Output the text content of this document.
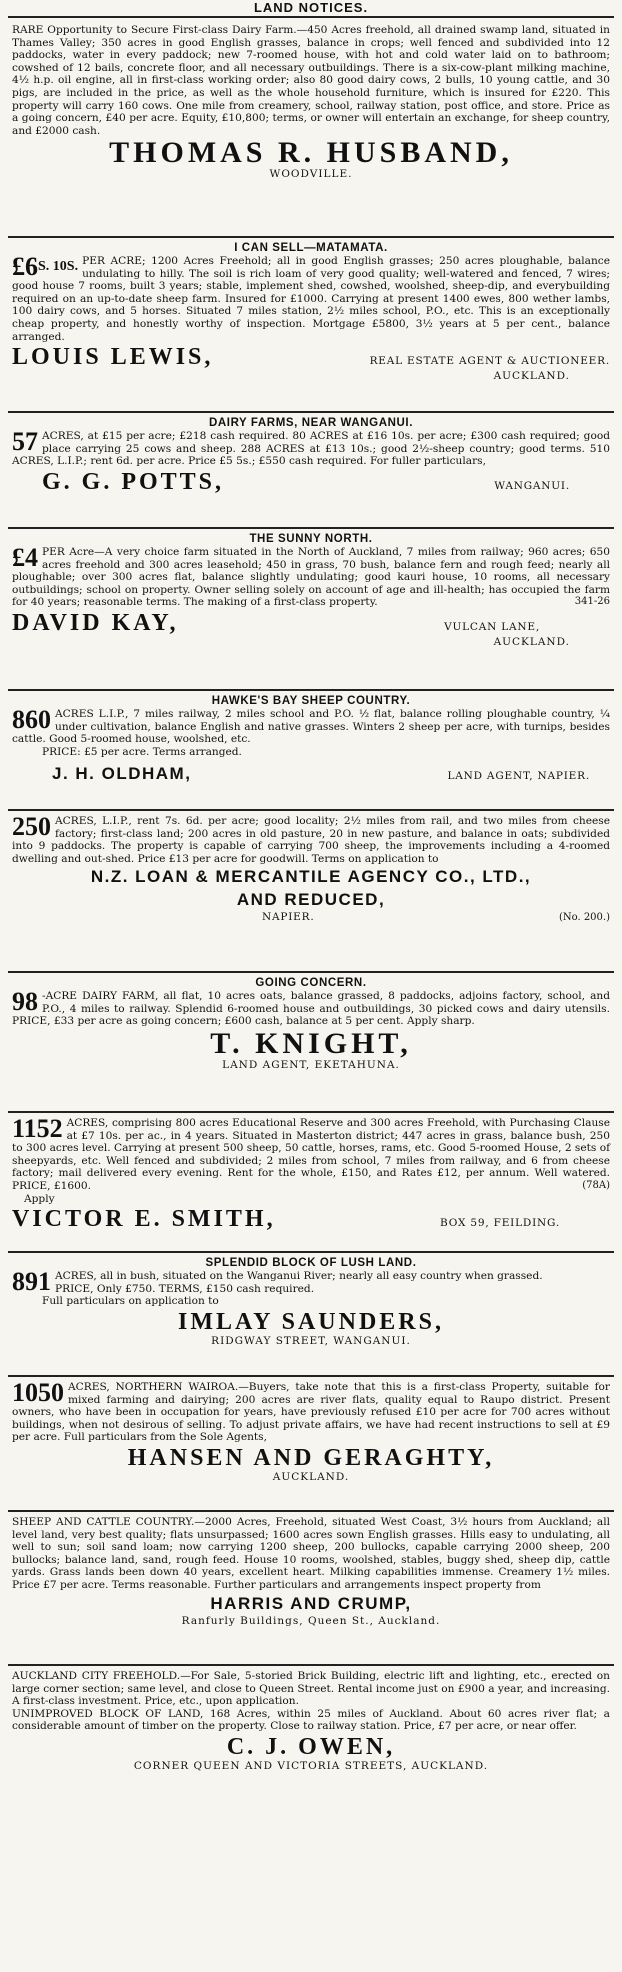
LAND NOTICES.

RARE Opportunity to Secure First-class Dairy Farm.—450 Acres freehold, all drained swamp land, situated in Thames Valley; 350 acres in good English grasses, balance in crops; well fenced and subdivided into 12 paddocks, water in every paddock; new 7-roomed house, with hot and cold water laid on to bathroom; cowshed of 12 bails, concrete floor, and all necessary outbuildings. There is a six-cow-plant milking machine, 4½ h.p. oil engine, all in first-class working order; also 80 good dairy cows, 2 bulls, 10 young cattle, and 30 pigs, are included in the price, as well as the whole household furniture, which is insured for £220. This property will carry 160 cows. One mile from creamery, school, railway station, post office, and store. Price as a going concern, £40 per acre. Equity, £10,800; terms, or owner will entertain an exchange, for sheep country, and £2000 cash.

THOMAS R. HUSBAND,
WOODVILLE.
I CAN SELL—MATAMATA.

$£6^{S. 10S.}$ PER ACRE; 1200 Acres Freehold; all in good English grasses; 250 acres ploughable, balance undulating to hilly. The soil is rich loam of very good quality; well-watered and fenced, 7 wires; good house 7 rooms, built 3 years; stable, implement shed, cowshed, woolshed, sheep-dip, and everybuilding required on an up-to-date sheep farm. Insured for £1000. Carrying at present 1400 ewes, 800 wether lambs, 100 dairy cows, and 5 horses. Situated 7 miles station, 2½ miles school, P.O., etc. This is an exceptionally cheap property, and honestly worthy of inspection. Mortgage £5800, 3½ years at 5 per cent., balance arranged.

LOUIS LEWIS,	REAL ESTATE AGENT & AUCTIONEER.
AUCKLAND.
DAIRY FARMS, NEAR WANGANUI.

57 ACRES, at £15 per acre; £218 cash required. 80 ACRES at £16 10s. per acre; £300 cash required; good place carrying 25 cows and sheep. 288 ACRES at £13 10s.; good 2½-sheep country; good terms. 510 ACRES, L.I.P.; rent 6d. per acre. Price £5 5s.; £550 cash required. For fuller particulars,

G. G. POTTS,	WANGANUI.
THE SUNNY NORTH.

£4 PER Acre—A very choice farm situated in the North of Auckland, 7 miles from railway; 960 acres; 650 acres freehold and 300 acres leasehold; 450 in grass, 70 bush, balance fern and rough feed; nearly all ploughable; over 300 acres flat, balance slightly undulating; good kauri house, 10 rooms, all necessary outbuildings; school on property. Owner selling solely on account of age and ill-health; has occupied the farm for 40 years; reasonable terms. The making of a first-class property.	341-26

DAVID KAY,	VULCAN LANE,
AUCKLAND.
HAWKE'S BAY SHEEP COUNTRY.

860 ACRES L.I.P., 7 miles railway, 2 miles school and P.O. ½ flat, balance rolling ploughable country, ¼ under cultivation, balance English and native grasses. Winters 2 sheep per acre, with turnips, besides cattle. Good 5-roomed house, woolshed, etc.

PRICE: £5 per acre. Terms arranged.

J. H. OLDHAM,	LAND AGENT, NAPIER.

250 ACRES, L.I.P., rent 7s. 6d. per acre; good locality; 2½ miles from rail, and two miles from cheese factory; first-class land; 200 acres in old pasture, 20 in new pasture, and balance in oats; subdivided into 9 paddocks. The property is capable of carrying 700 sheep, the improvements including a 4-roomed dwelling and out-shed. Price £13 per acre for goodwill. Terms on application to

N.Z. LOAN & MERCANTILE AGENCY CO., LTD.,
AND REDUCED,
NAPIER.	(No. 200.)
GOING CONCERN.

98 -ACRE DAIRY FARM, all flat, 10 acres oats, balance grassed, 8 paddocks, adjoins factory, school, and P.O., 4 miles to railway. Splendid 6-roomed house and outbuildings, 30 picked cows and dairy utensils. PRICE, £33 per acre as going concern; £600 cash, balance at 5 per cent. Apply sharp.

T. KNIGHT,
LAND AGENT, EKETAHUNA.

1152 ACRES, comprising 800 acres Educational Reserve and 300 acres Freehold, with Purchasing Clause at £7 10s. per ac., in 4 years. Situated in Masterton district; 447 acres in grass, balance bush, 250 to 300 acres level. Carrying at present 500 sheep, 50 cattle, horses, rams, etc. Good 5-roomed House, 2 sets of sheepyards, etc. Well fenced and subdivided; 2 miles from school, 7 miles from railway, and 6 from cheese factory; mail delivered every evening. Rent for the whole, £150, and Rates £12, per annum. Well watered. PRICE, £1600.	(78A)

Apply
VICTOR E. SMITH,	BOX 59, FEILDING.
SPLENDID BLOCK OF LUSH LAND.

891 ACRES, all in bush, situated on the Wanganui River; nearly all easy country when grassed.

PRICE, Only £750. TERMS, £150 cash required.

Full particulars on application to

IMLAY SAUNDERS,
RIDGWAY STREET, WANGANUI.

1050 ACRES, NORTHERN WAIROA.—Buyers, take note that this is a first-class Property, suitable for mixed farming and dairying; 200 acres are river flats, quality equal to Raupo district. Present owners, who have been in occupation for years, have previously refused £10 per acre for 700 acres without buildings, when not desirous of selling. To adjust private affairs, we have had recent instructions to sell at £9 per acre. Full particulars from the Sole Agents,

HANSEN AND GERAGHTY,
AUCKLAND.

SHEEP AND CATTLE COUNTRY.—2000 Acres, Freehold, situated West Coast, 3½ hours from Auckland; all level land, very best quality; flats unsurpassed; 1600 acres sown English grasses. Hills easy to undulating, all well to sun; soil sand loam; now carrying 1200 sheep, 200 bullocks, capable carrying 2000 sheep, 200 bullocks; balance land, sand, rough feed. House 10 rooms, woolshed, stables, buggy shed, sheep dip, cattle yards. Grass lands been down 40 years, excellent heart. Milking capabilities immense. Creamery 1½ miles. Price £7 per acre. Terms reasonable. Further particulars and arrangements inspect property from

HARRIS AND CRUMP,
Ranfurly Buildings, Queen St., Auckland.

AUCKLAND CITY FREEHOLD.—For Sale, 5-storied Brick Building, electric lift and lighting, etc., erected on large corner section; same level, and close to Queen Street. Rental income just on £900 a year, and increasing. A first-class investment. Price, etc., upon application.

UNIMPROVED BLOCK OF LAND, 168 Acres, within 25 miles of Auckland. About 60 acres river flat; a considerable amount of timber on the property. Close to railway station. Price, £7 per acre, or near offer.

C. J. OWEN,
CORNER QUEEN AND VICTORIA STREETS, AUCKLAND.
